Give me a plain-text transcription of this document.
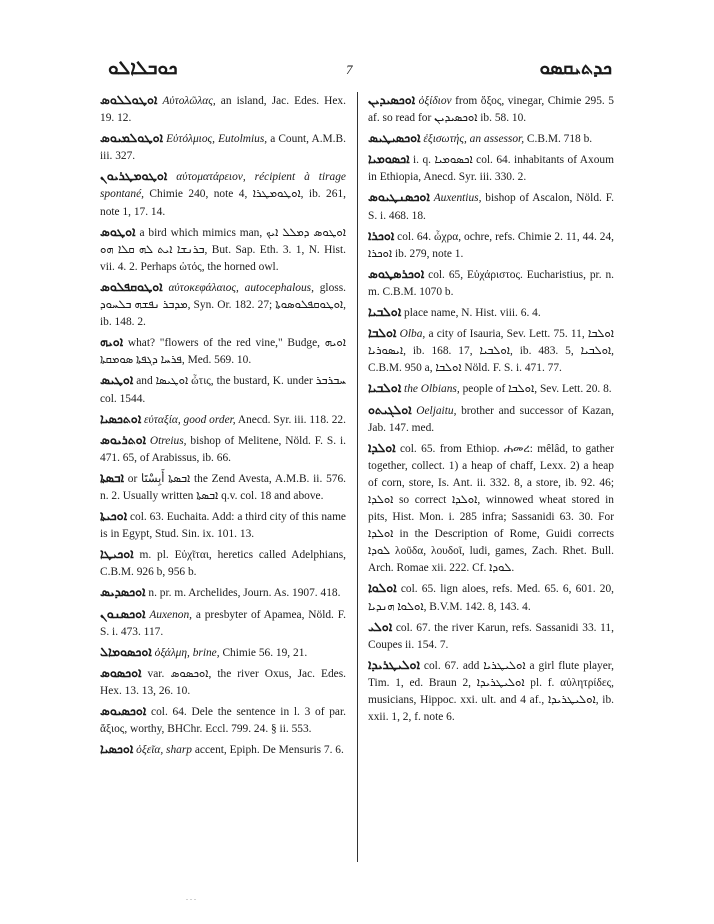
ܟܘܒܠܐܠܘ	7	ܟܕܬܝܩܣܘ

ܐܘܛܘܠܠܘܣ Αὐτολῶλας, an island, Jac. Edes. Hex. 19. 12.

ܐܘܛܘܠܡܝܘܣ Εὐτόλμιος, Eutolmius, a Count, A.M.B. iii. 327.

ܐܘܛܘܡܛܪܝܘܢ αὐτοματάρειον, récipient à tirage spontané, Chimie 240, note 4, ܐܘܛܘܡܛܪܐ, ib. 261, note 1, 17. 14.

ܐܘܛܘܣ a bird which mimics man, ܐܘܛܘܣ ܕܡܠܠ ܐܝܟ ܒܪܢܫܐ ܐܝܬ ܠܗ ܩܠܐ ܗܘ, But. Sap. Eth. 3. 1, N. Hist. vii. 4. 2. Perhaps ὠτός, the horned owl.

ܐܘܛܘܩܦܠܘܣ αὐτοκεφάλαιος, autocephalous, gloss. ܡܕܒܪ ܢܦܫܗ ܒܠܚܘܕ, Syn. Or. 182. 27; ܐܘܛܘܩܦܠܘܣܘܬܐ, ib. 148. 2.

ܐܘܝܗ what? "flowers of the red vine," Budge, ܐܘܝܗ ܦܪܚܐ ܕܓܦܬܐ ܣܘܡܩܬܐ, Med. 569. 10.

ܐܘܛܝܣ and ܐܘܛܝܣܐ ὦτις, the bustard, K. under ܚܒܪܒܪ col. 1544.

ܐܘܬܟܣܝܐ εὐταξία, good order, Anecd. Syr. iii. 118. 22.

ܐܘܬܪܝܘܣ Otreius, bishop of Melitene, Nöld. F. S. i. 471. 65, of Arabissus, ib. 66.

ܐܒܣܬܐ or ܐܒܣܬܐ أَبِسْتَا the Zend Avesta, A.M.B. ii. 576. n. 2. Usually written ܐܒܣܬܐ q.v. col. 18 and above.

ܐܘܟܝܬܐ col. 63. Euchaita. Add: a third city of this name is in Egypt, Stud. Sin. ix. 101. 13.

ܐܘܟܝܛܐ m. pl. Εὐχῖται, heretics called Adelphians, C.B.M. 926 b, 956 b.

ܐܘܟܣܕܝܣ n. pr. m. Archelides, Journ. As. 1907. 418.

ܐܘܟܣܢܘܢ Auxenon, a presbyter of Apamea, Nöld. F. S. i. 473. 117.

ܐܘܟܣܘܡܐܠ ὀξάλμη, brine, Chimie 56. 19, 21.

ܐܘܟܣܘܣ var. ܐܘܟܣܘܣ, the river Oxus, Jac. Edes. Hex. 13. 13, 26. 10.

ܐܘܟܣܝܘܣ col. 64. Dele the sentence in l. 3 of par. ἄξιος, worthy, BHChr. Eccl. 799. 24. § ii. 553.

ܐܘܟܣܝܐ ὀξεῖα, sharp accent, Epiph. De Mensuris 7. 6.

ܐܘܟܣܝܕܝܢ ὀξίδιον from ὄξος, vinegar, Chimie 295. 5 af. so read for ܐܘܟܣܝܕܝܢ ib. 58. 10.

ܐܘܟܣܝܛܝܣ ἐξισωτής, an assessor, C.B.M. 718 b.

ܐܟܣܘܡܝܐ i. q. ܐܟܣܘܡܝܐ col. 64. inhabitants of Axoum in Ethiopia, Anecd. Syr. iii. 330. 2.

ܐܘܟܣܢܛܝܘܣ Auxentius, bishop of Ascalon, Nöld. F. S. i. 468. 18.

ܐܘܟܪܐ col. 64. ὦχρα, ochre, refs. Chimie 2. 11, 44. 24, ܐܘܟܪܐ ib. 279, note 1.

ܐܘܟܪܣܛܘܣ col. 65, Εὐχάριστος. Eucharistius, pr. n. m. C.B.M. 1070 b.

ܐܘܠܒܝܐ place name, N. Hist. viii. 6. 4.

ܐܘܠܒܐ Olba, a city of Isauria, Sev. Lett. 75. 11, ܐܘܠܒܐ ܐܝܣܘܪܝܐ, ib. 168. 17, ܐܘܠܒܝܐ, ib. 483. 5, ܐܘܠܒܝܐ, C.B.M. 950 a, ܐܘܠܒܐ Nöld. F. S. i. 471. 77.

ܐܘܠܒܝܐ the Olbians, people of ܐܘܠܒܐ, Sev. Lett. 20. 8.

ܐܘܠܓܝܬܘ Oeljaitu, brother and successor of Kazan, Jab. 147. med.

ܐܘܠܕܐ col. 65. from Ethiop. ሐመረ: mêlâd, to gather together, collect. 1) a heap of chaff, Lexx. 2) a heap of corn, store, Is. Ant. ii. 332. 8, a store, ib. 92. 46; ܐܘܠܕܐ so correct ܐܘܠܕܐ, winnowed wheat stored in pits, Hist. Mon. i. 285 infra; Sassanidi 63. 30. For ܐܘܠܕܐ in the Description of Rome, Guidi corrects ܠܘܕܐ λοῦδα, λουδοῖ, ludi, games, Zach. Rhet. Bull. Arch. Romae xii. 222. Cf. ܠܘܕܐ.

ܐܘܠܘܐ col. 65. lign aloes, refs. Med. 65. 6, 601. 20, ܐܘܠܘܐ ܗܢܕܝܐ, B.V.M. 142. 8, 143. 4.

ܐܘܠܝ col. 67. the river Karun, refs. Sassanidi 33. 11, Coupes ii. 154. 7.

ܐܘܠܝܛܪܝܕܐ col. 67. add ܐܘܠܝܛܪܝܐ a girl flute player, Tim. 1, ed. Braun 2, ܐܘܠܝܛܪܝܕܐ pl. f. αὐλητρίδες, musicians, Hippoc. xxi. ult. and 4 af., ܐܘܠܝܛܪܝܕܐ, ib. xxii. 1, 2, f. note 6.

. . .
